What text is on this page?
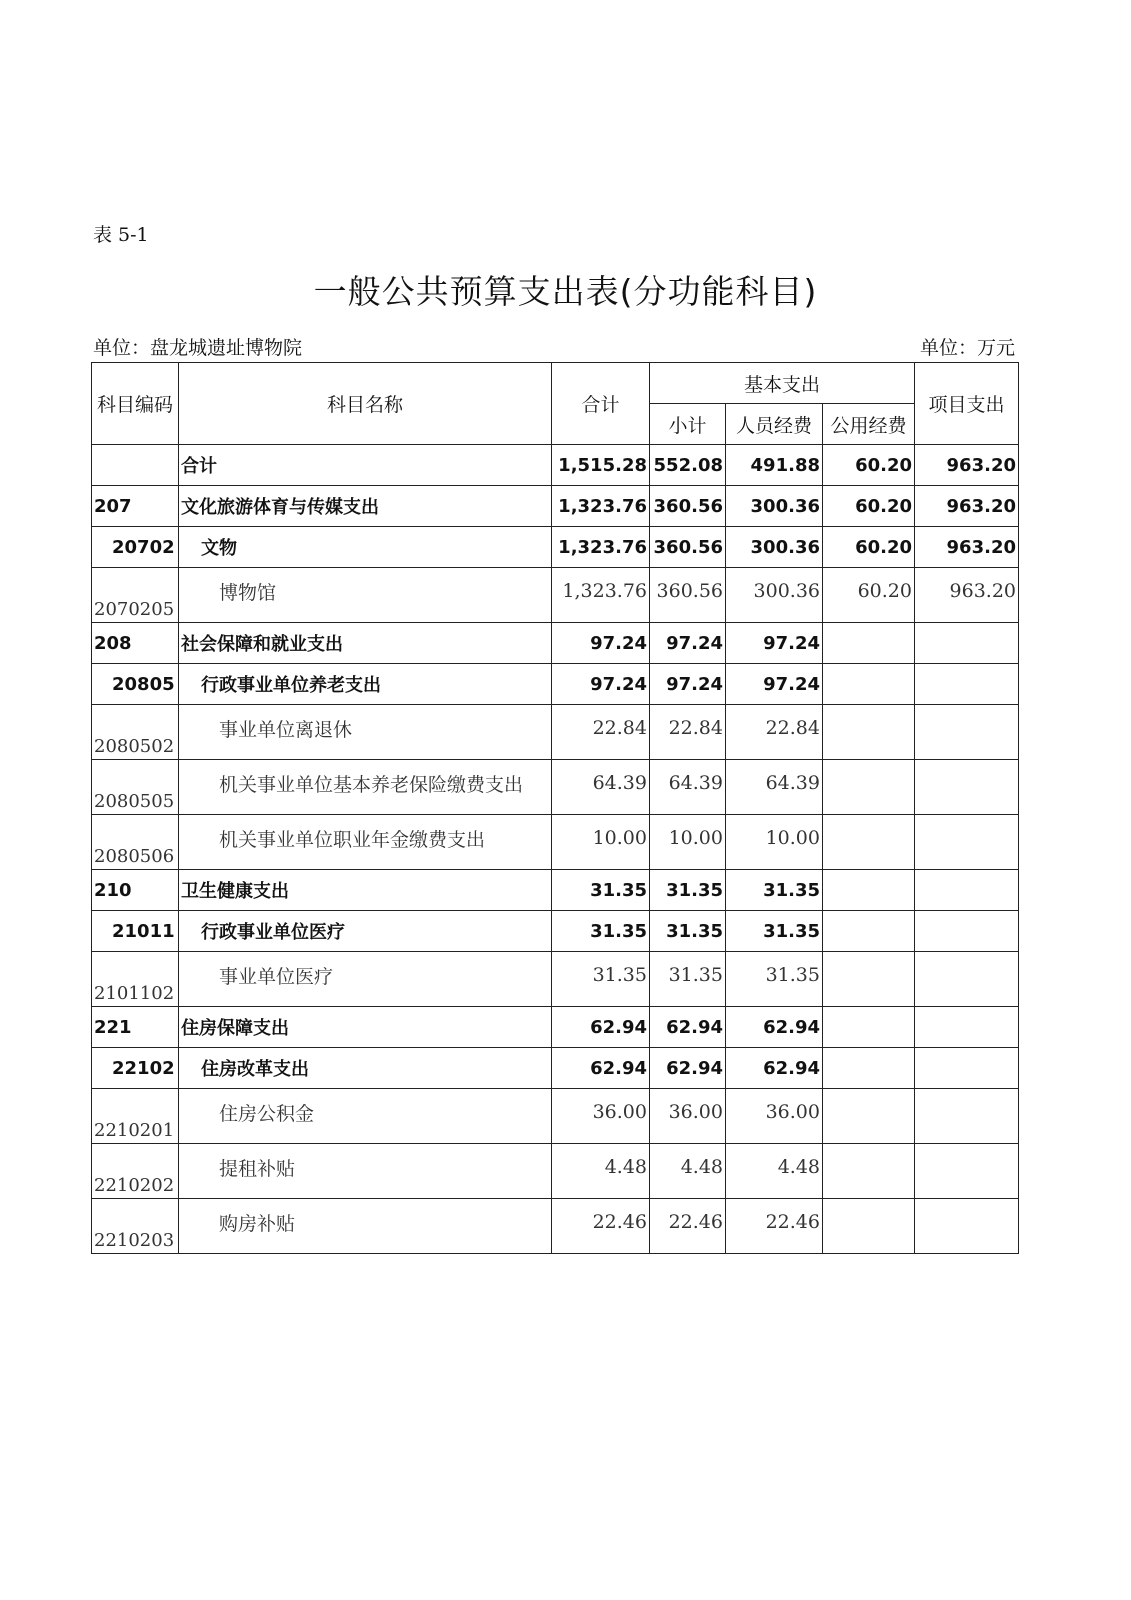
表 5-1
一般公共预算支出表(分功能科目)
单位：盘龙城遗址博物院	单位：万元
科目编码	科目名称	合计	基本支出			项目支出
			小计	人员经费	公用经费	
	合计	1,515.28	552.08	491.88	60.20	963.20
207	文化旅游体育与传媒支出	1,323.76	360.56	300.36	60.20	963.20
20702	文物	1,323.76	360.56	300.36	60.20	963.20
2070205	博物馆	1,323.76	360.56	300.36	60.20	963.20
208	社会保障和就业支出	97.24	97.24	97.24		
20805	行政事业单位养老支出	97.24	97.24	97.24		
2080502	事业单位离退休	22.84	22.84	22.84		
2080505	机关事业单位基本养老保险缴费支出	64.39	64.39	64.39		
2080506	机关事业单位职业年金缴费支出	10.00	10.00	10.00		
210	卫生健康支出	31.35	31.35	31.35		
21011	行政事业单位医疗	31.35	31.35	31.35		
2101102	事业单位医疗	31.35	31.35	31.35		
221	住房保障支出	62.94	62.94	62.94		
22102	住房改革支出	62.94	62.94	62.94		
2210201	住房公积金	36.00	36.00	36.00		
2210202	提租补贴	4.48	4.48	4.48		
2210203	购房补贴	22.46	22.46	22.46		
